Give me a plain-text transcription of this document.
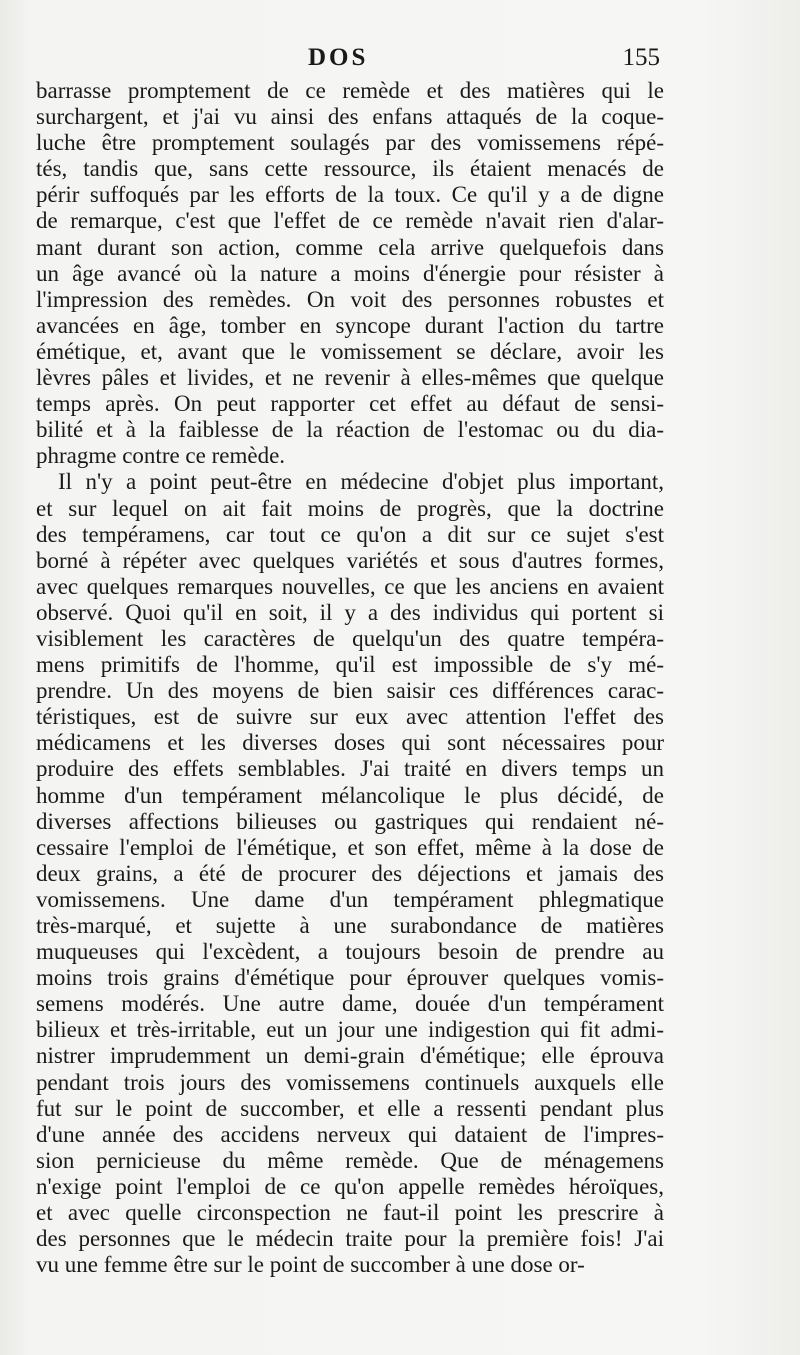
DOS	155
barrasse promptement de ce remède et des matières qui le
surchargent, et j'ai vu ainsi des enfans attaqués de la coque-
luche être promptement soulagés par des vomissemens répé-
tés, tandis que, sans cette ressource, ils étaient menacés de
périr suffoqués par les efforts de la toux. Ce qu'il y a de digne
de remarque, c'est que l'effet de ce remède n'avait rien d'alar-
mant durant son action, comme cela arrive quelquefois dans
un âge avancé où la nature a moins d'énergie pour résister à
l'impression des remèdes. On voit des personnes robustes et
avancées en âge, tomber en syncope durant l'action du tartre
émétique, et, avant que le vomissement se déclare, avoir les
lèvres pâles et livides, et ne revenir à elles-mêmes que quelque
temps après. On peut rapporter cet effet au défaut de sensi-
bilité et à la faiblesse de la réaction de l'estomac ou du dia-
phragme contre ce remède.
Il n'y a point peut-être en médecine d'objet plus important,
et sur lequel on ait fait moins de progrès, que la doctrine
des tempéramens, car tout ce qu'on a dit sur ce sujet s'est
borné à répéter avec quelques variétés et sous d'autres formes,
avec quelques remarques nouvelles, ce que les anciens en avaient
observé. Quoi qu'il en soit, il y a des individus qui portent si
visiblement les caractères de quelqu'un des quatre tempéra-
mens primitifs de l'homme, qu'il est impossible de s'y mé-
prendre. Un des moyens de bien saisir ces différences carac-
téristiques, est de suivre sur eux avec attention l'effet des
médicamens et les diverses doses qui sont nécessaires pour
produire des effets semblables. J'ai traité en divers temps un
homme d'un tempérament mélancolique le plus décidé, de
diverses affections bilieuses ou gastriques qui rendaient né-
cessaire l'emploi de l'émétique, et son effet, même à la dose de
deux grains, a été de procurer des déjections et jamais des
vomissemens. Une dame d'un tempérament phlegmatique
très-marqué, et sujette à une surabondance de matières
muqueuses qui l'excèdent, a toujours besoin de prendre au
moins trois grains d'émétique pour éprouver quelques vomis-
semens modérés. Une autre dame, douée d'un tempérament
bilieux et très-irritable, eut un jour une indigestion qui fit admi-
nistrer imprudemment un demi-grain d'émétique; elle éprouva
pendant trois jours des vomissemens continuels auxquels elle
fut sur le point de succomber, et elle a ressenti pendant plus
d'une année des accidens nerveux qui dataient de l'impres-
sion pernicieuse du même remède. Que de ménagemens
n'exige point l'emploi de ce qu'on appelle remèdes héroïques,
et avec quelle circonspection ne faut-il point les prescrire à
des personnes que le médecin traite pour la première fois! J'ai
vu une femme être sur le point de succomber à une dose or-
